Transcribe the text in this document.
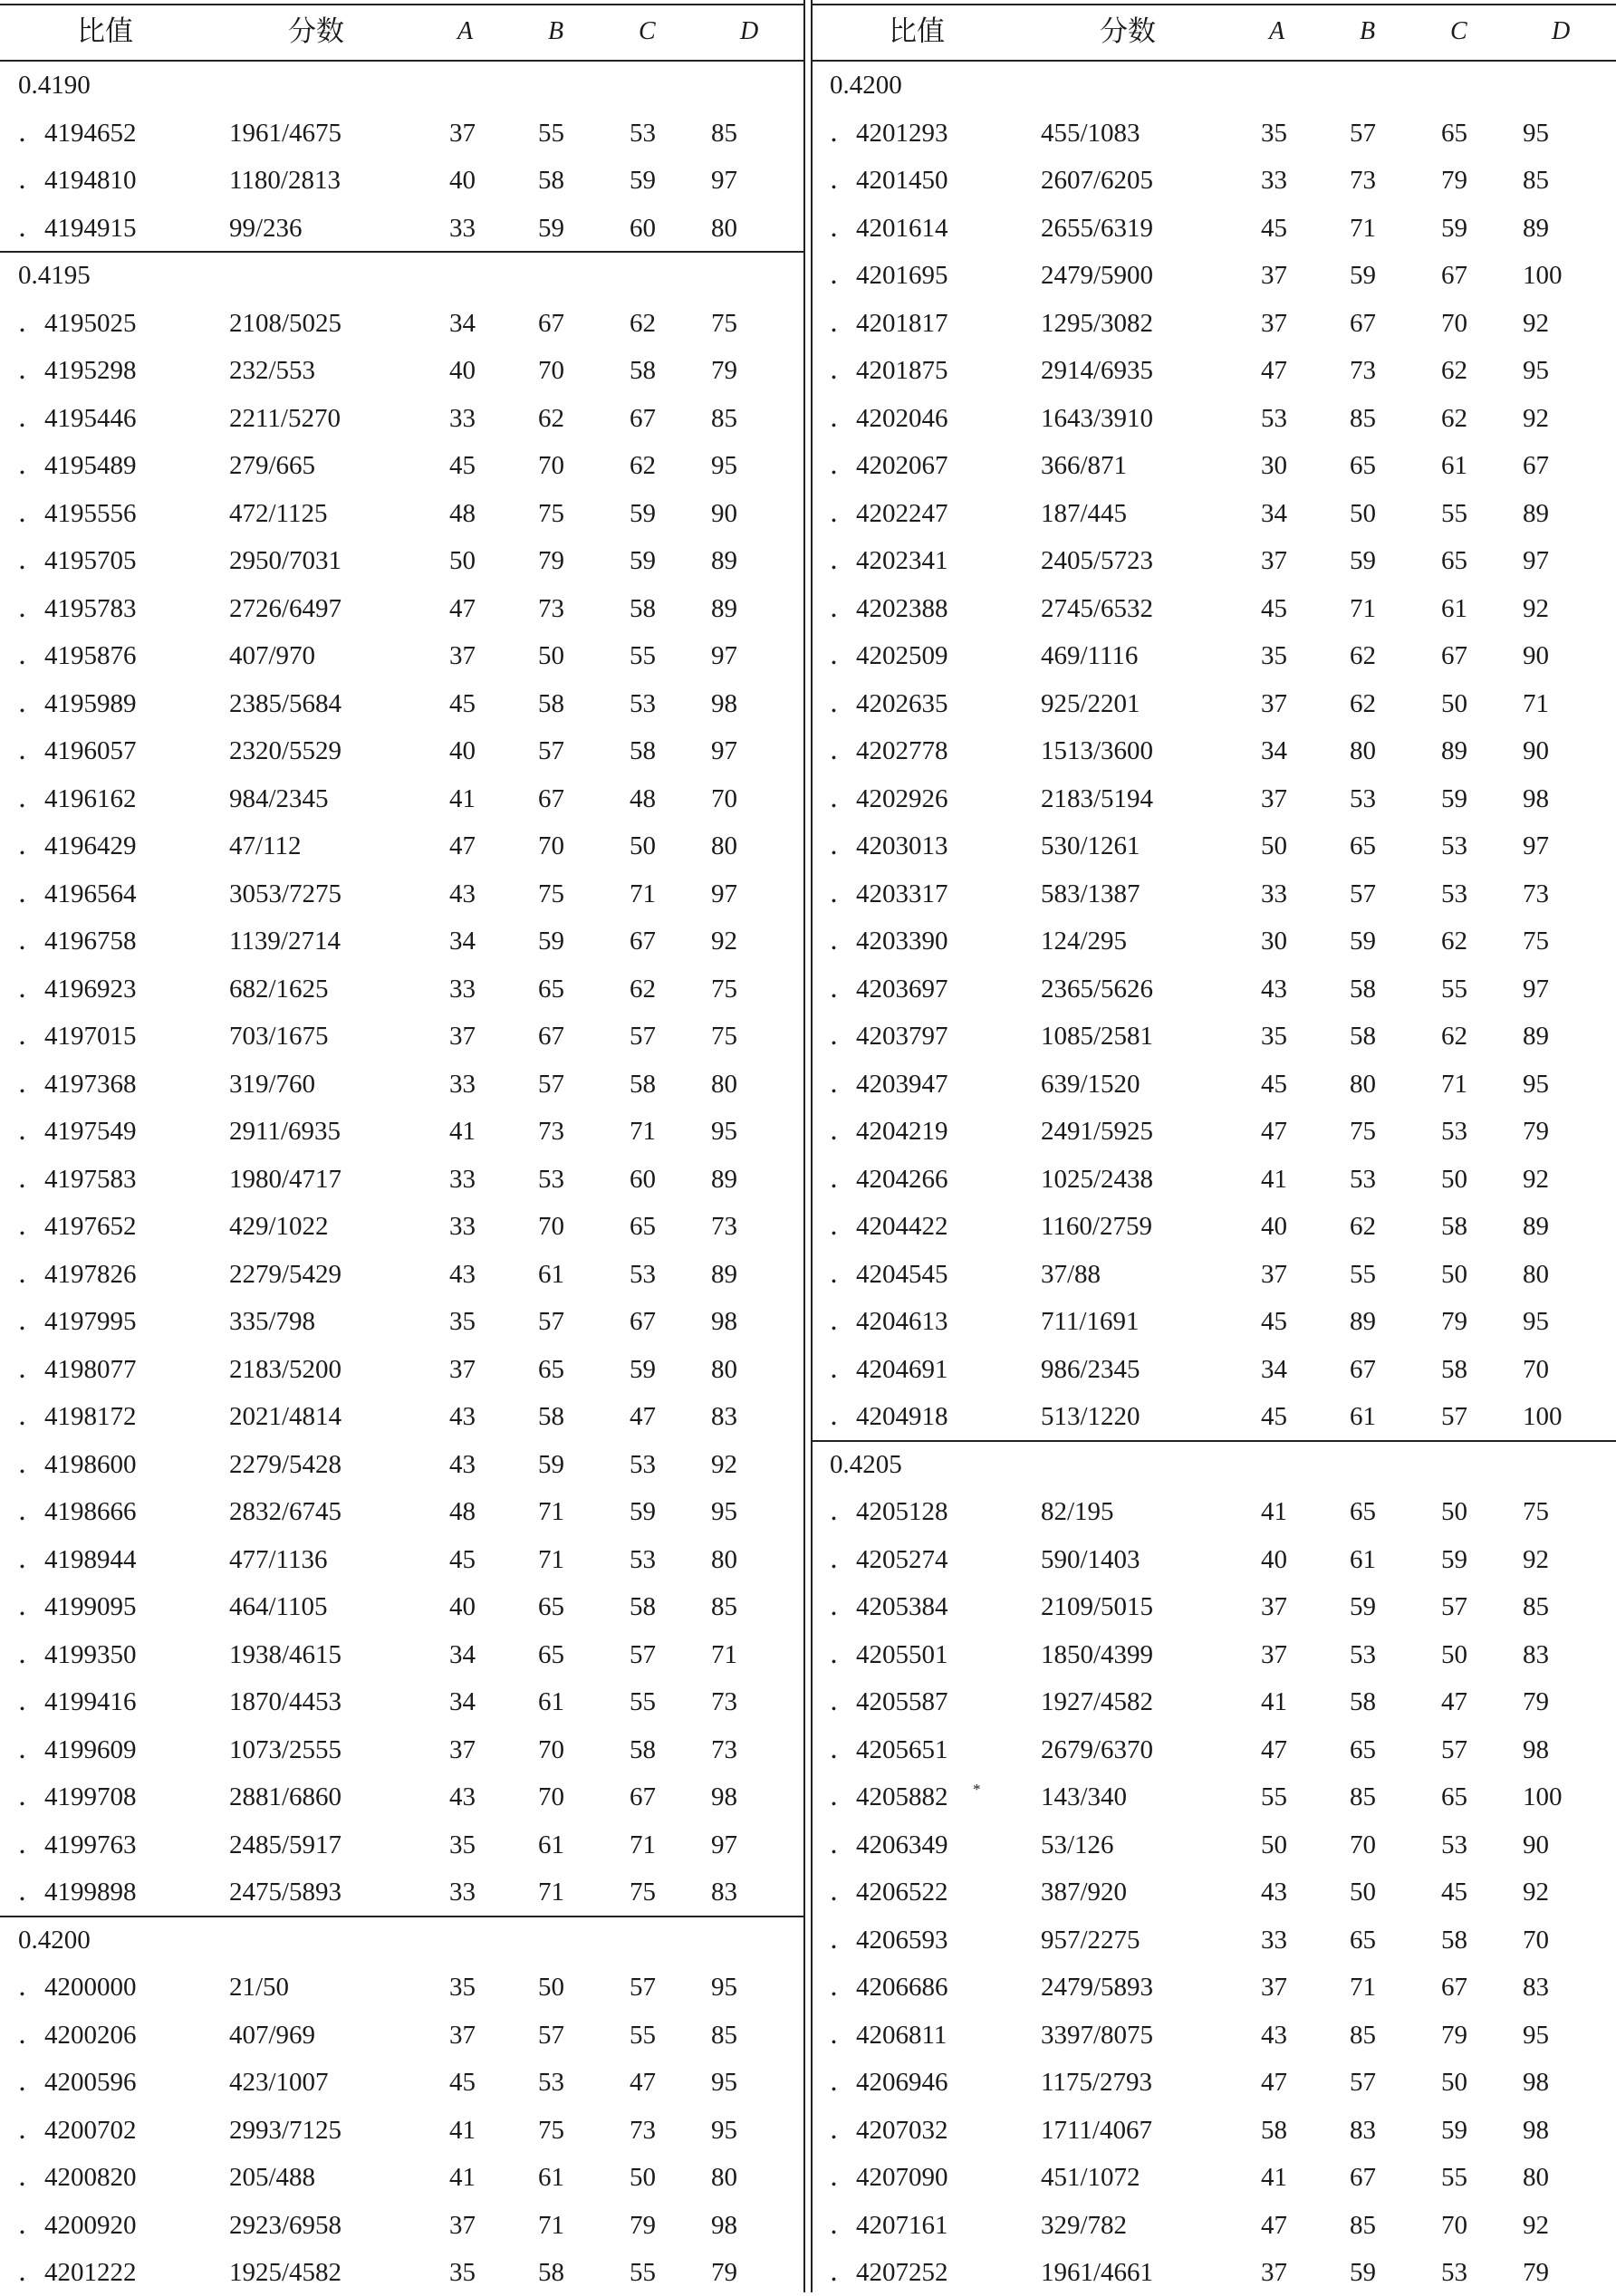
比值	分数	A	B	C	D
0.4190
．4194652	1961/4675	37 55 53 85
．4194810	1180/2813	40 58 59 97
．4194915	99/236	33 59 60 80
0.4195
．4195025	2108/5025	34 67 62 75
．4195298	232/553	40 70 58 79
．4195446	2211/5270	33 62 67 85
．4195489	279/665	45 70 62 95
．4195556	472/1125	48 75 59 90
．4195705	2950/7031	50 79 59 89
．4195783	2726/6497	47 73 58 89
．4195876	407/970	37 50 55 97
．4195989	2385/5684	45 58 53 98
．4196057	2320/5529	40 57 58 97
．4196162	984/2345	41 67 48 70
．4196429	47/112	47 70 50 80
．4196564	3053/7275	43 75 71 97
．4196758	1139/2714	34 59 67 92
．4196923	682/1625	33 65 62 75
．4197015	703/1675	37 67 57 75
．4197368	319/760	33 57 58 80
．4197549	2911/6935	41 73 71 95
．4197583	1980/4717	33 53 60 89
．4197652	429/1022	33 70 65 73
．4197826	2279/5429	43 61 53 89
．4197995	335/798	35 57 67 98
．4198077	2183/5200	37 65 59 80
．4198172	2021/4814	43 58 47 83
．4198600	2279/5428	43 59 53 92
．4198666	2832/6745	48 71 59 95
．4198944	477/1136	45 71 53 80
．4199095	464/1105	40 65 58 85
．4199350	1938/4615	34 65 57 71
．4199416	1870/4453	34 61 55 73
．4199609	1073/2555	37 70 58 73
．4199708	2881/6860	43 70 67 98
．4199763	2485/5917	35 61 71 97
．4199898	2475/5893	33 71 75 83
0.4200
．4200000	21/50	35 50 57 95
．4200206	407/969	37 57 55 85
．4200596	423/1007	45 53 47 95
．4200702	2993/7125	41 75 73 95
．4200820	205/488	41 61 50 80
．4200920	2923/6958	37 71 79 98
．4201222	1925/4582	35 58 55 79
比值	分数	A	B	C	D
0.4200
．4201293	455/1083	35 57 65 95
．4201450	2607/6205	33 73 79 85
．4201614	2655/6319	45 71 59 89
．4201695	2479/5900	37 59 67 100
．4201817	1295/3082	37 67 70 92
．4201875	2914/6935	47 73 62 95
．4202046	1643/3910	53 85 62 92
．4202067	366/871	30 65 61 67
．4202247	187/445	34 50 55 89
．4202341	2405/5723	37 59 65 97
．4202388	2745/6532	45 71 61 92
．4202509	469/1116	35 62 67 90
．4202635	925/2201	37 62 50 71
．4202778	1513/3600	34 80 89 90
．4202926	2183/5194	37 53 59 98
．4203013	530/1261	50 65 53 97
．4203317	583/1387	33 57 53 73
．4203390	124/295	30 59 62 75
．4203697	2365/5626	43 58 55 97
．4203797	1085/2581	35 58 62 89
．4203947	639/1520	45 80 71 95
．4204219	2491/5925	47 75 53 79
．4204266	1025/2438	41 53 50 92
．4204422	1160/2759	40 62 58 89
．4204545	37/88	37 55 50 80
．4204613	711/1691	45 89 79 95
．4204691	986/2345	34 67 58 70
．4204918	513/1220	45 61 57 100
0.4205
．4205128	82/195	41 65 50 75
．4205274	590/1403	40 61 59 92
．4205384	2109/5015	37 59 57 85
．4205501	1850/4399	37 53 50 83
．4205587	1927/4582	41 58 47 79
．4205651	2679/6370	47 65 57 98
．4205882 * 143/340	55 85 65 100
．4206349	53/126	50 70 53 90
．4206522	387/920	43 50 45 92
．4206593	957/2275	33 65 58 70
．4206686	2479/5893	37 71 67 83
．4206811	3397/8075	43 85 79 95
．4206946	1175/2793	47 57 50 98
．4207032	1711/4067	58 83 59 98
．4207090	451/1072	41 67 55 80
．4207161	329/782	47 85 70 92
．4207252	1961/4661	37 59 53 79
